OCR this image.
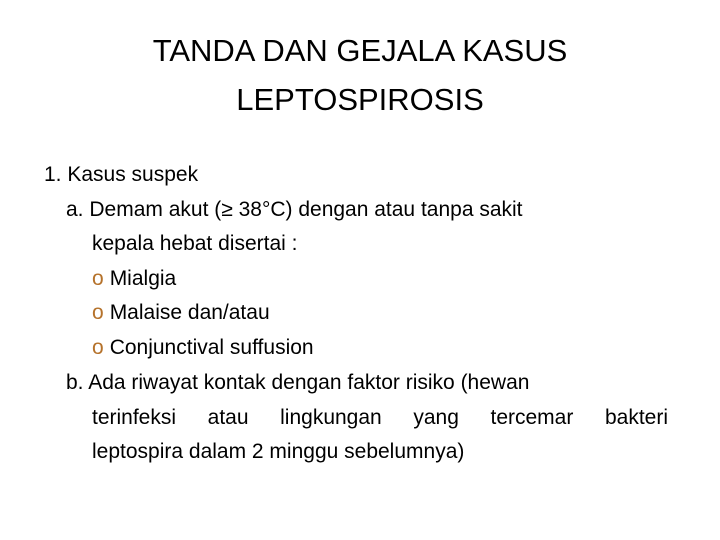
TANDA DAN GEJALA KASUS
LEPTOSPIROSIS
1. Kasus suspek
a. Demam akut (≥ 38°C) dengan atau tanpa sakit
kepala hebat disertai :
o Mialgia
o Malaise dan/atau
o Conjunctival suffusion
b. Ada riwayat kontak dengan faktor risiko (hewan
terinfeksi atau lingkungan yang tercemar bakteri
leptospira dalam 2 minggu sebelumnya)
